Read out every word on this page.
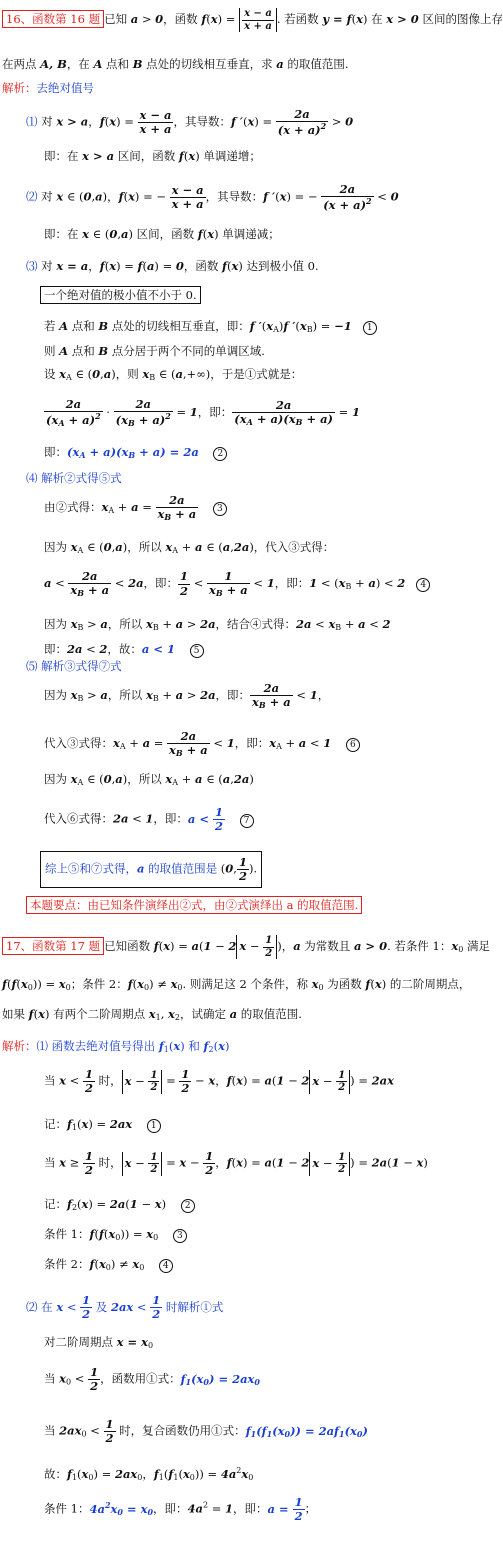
16、函数第 16 题 已知 a > 0，函数 $f(x) = \frac{x - a}{x + a}$ . 若函数 y = f(x) 在 x > 0 区间的图像上存
在两点 A, B，在 A 点和 B 点处的切线相互垂直，求 a 的取值范围.
解析：去绝对值号
⑴ 对 x > a，$f(x) = \frac{x - a}{x + a}$ ，其导数：f $'(x) = \frac{2a}{(x + a)^2} > 0$
即：在 x > a 区间，函数 f(x) 单调递增；
⑵ 对 x ∈ (0,a)，f(x) = − $\frac{x - a}{x + a}$ ，其导数：f ′(x) = − $\frac{2a}{(x + a)^2} < 0$
即：在 x ∈ (0,a) 区间，函数 f(x) 单调递减；
⑶ 对 x = a，f(x) = f(a) = 0，函数 f(x) 达到极小值 0.
一个绝对值的极小值不小于 0.
若 A 点和 B 点处的切线相互垂直，即：f $'(x_A)f$ $'(x_B) = -1$ 1
则 A 点和 B 点分居于两个不同的单调区域.
设 $x_A$ ∈ (0,a)，则 $x_B$ ∈ (a,+∞)，于是①式就是：
$\frac{2a}{(x_A + a)^2} \cdot \frac{2a}{(x_B + a)^2} = 1$，即： $\frac{2a}{(x_A + a)(x_B + a)} = 1$
即：$(x_A + a)(x_B + a) = 2a$ 2
⑷ 解析②式得⑤式
由②式得：$x_A + a = \frac{2a}{x_B + a} 3$
因为 $x_A$ ∈ (0,a)，所以 $x_A + a$ ∈ (a,2a)，代入③式得：
$a < \frac{2a}{x_B + a} < 2a$，即： $\frac{1}{2} < \frac{1}{x_B + a} < 1$，即：$1 < (x_B + a) < 2$ 4
因为 $x_B > a$，所以 $x_B + a > 2a$，结合④式得：$2a < x_B + a < 2$
即：2a < 2，故：a < 1 5
⑸ 解析③式得⑦式
因为 $x_B > a$，所以 $x_B + a > 2a$，即： $\frac{2a}{x_B + a} < 1$，
代入③式得：$x_A + a = \frac{2a}{x_B + a} < 1$，即：$x_A + a < 1$ 6
因为 $x_A$ ∈ (0,a)，所以 $x_A + a$ ∈ (a,2a)
代入⑥式得：2a < 1，即：$a < \frac{1}{2} 7$
综上⑤和⑦式得，a 的取值范围是 (0, $\frac{1}{2}$ ).
本题要点：由已知条件演绎出②式，由②式演绎出 a 的取值范围.
17、函数第 17 题 已知函数 f(x) = a(1 − 2 $x - \frac{1}{2}$ )，a 为常数且 a > 0. 若条件 1：$x_0$ 满足
$f(f(x_0)) = x_0$；条件 2：$f(x_0) \ne x_0$. 则满足这 2 个条件，称 $x_0$ 为函数 f(x) 的二阶周期点，
如果 f(x) 有两个二阶周期点 $x_1$, $x_2$，试确定 a 的取值范围.
解析：⑴ 函数去绝对值号得出 $f_1(x)$ 和 $f_2(x)$
当 $x < \frac{1}{2}$ 时， $x - \frac{1}{2} = \frac{1}{2} - x$，f(x) = a(1 − 2 $x - \frac{1}{2}$ ) = 2ax
记：$f_1(x) = 2ax$ 1
当 $x \ge \frac{1}{2}$ 时， $x - \frac{1}{2} = x - \frac{1}{2}$ ，f(x) = a(1 − 2 $x - \frac{1}{2}$ ) = 2a(1 − x)
记：$f_2(x) = 2a(1 - x)$    2
条件 1：$f(f(x_0)) = x_0$ 3
条件 2：$f(x_0) \ne x_0$ 4
⑵ 在 $x < \frac{1}{2}$ 及 $2ax < \frac{1}{2}$ 时解析①式
对二阶周期点 $x = x_0$
当 $x_0 < \frac{1}{2}$ ，函数用①式：$f_1(x_0) = 2ax_0$
当 $2ax_0 < \frac{1}{2}$ 时，复合函数仍用①式：$f_1(f_1(x_0)) = 2af_1(x_0)$
故：$f_1(x_0) = 2ax_0$，$f_1(f_1(x_0)) = 4a^2x_0$
条件 1：$4a^2x_0 = x_0$，即：$4a^2 = 1$，即：$a = \frac{1}{2}$ ；
